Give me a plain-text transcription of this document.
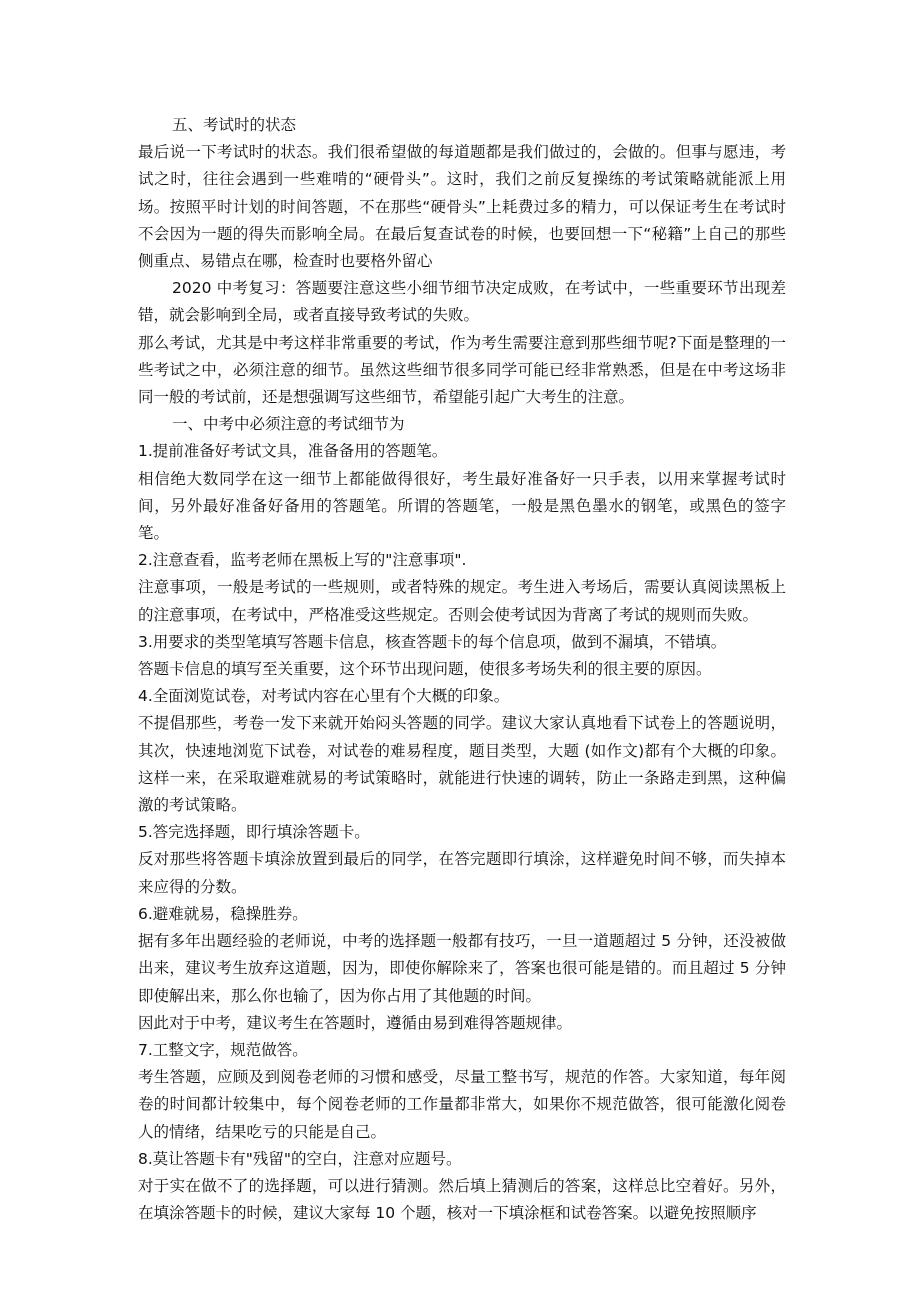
五、考试时的状态

最后说一下考试时的状态。我们很希望做的每道题都是我们做过的，会做的。但事与愿违，考试之时，往往会遇到一些难啃的“硬骨头”。这时，我们之前反复操练的考试策略就能派上用场。按照平时计划的时间答题，不在那些“硬骨头”上耗费过多的精力，可以保证考生在考试时不会因为一题的得失而影响全局。在最后复查试卷的时候，也要回想一下“秘籍”上自己的那些侧重点、易错点在哪，检查时也要格外留心

2020 中考复习：答题要注意这些小细节细节决定成败，在考试中，一些重要环节出现差错，就会影响到全局，或者直接导致考试的失败。

那么考试，尤其是中考这样非常重要的考试，作为考生需要注意到那些细节呢?下面是整理的一些考试之中，必须注意的细节。虽然这些细节很多同学可能已经非常熟悉，但是在中考这场非同一般的考试前，还是想强调写这些细节，希望能引起广大考生的注意。

一、中考中必须注意的考试细节为

1.提前准备好考试文具，准备备用的答题笔。

相信绝大数同学在这一细节上都能做得很好，考生最好准备好一只手表，以用来掌握考试时间，另外最好准备好备用的答题笔。所谓的答题笔，一般是黑色墨水的钢笔，或黑色的签字笔。

2.注意查看，监考老师在黑板上写的"注意事项".

注意事项，一般是考试的一些规则，或者特殊的规定。考生进入考场后，需要认真阅读黑板上的注意事项，在考试中，严格准受这些规定。否则会使考试因为背离了考试的规则而失败。

3.用要求的类型笔填写答题卡信息，核查答题卡的每个信息项，做到不漏填，不错填。

答题卡信息的填写至关重要，这个环节出现问题，使很多考场失利的很主要的原因。

4.全面浏览试卷，对考试内容在心里有个大概的印象。

不提倡那些，考卷一发下来就开始闷头答题的同学。建议大家认真地看下试卷上的答题说明，其次，快速地浏览下试卷，对试卷的难易程度，题目类型，大题 (如作文)都有个大概的印象。这样一来，在采取避难就易的考试策略时，就能进行快速的调转，防止一条路走到黑，这种偏激的考试策略。

5.答完选择题，即行填涂答题卡。

反对那些将答题卡填涂放置到最后的同学，在答完题即行填涂，这样避免时间不够，而失掉本来应得的分数。

6.避难就易，稳操胜券。

据有多年出题经验的老师说，中考的选择题一般都有技巧，一旦一道题超过 5 分钟，还没被做出来，建议考生放弃这道题，因为，即使你解除来了，答案也很可能是错的。而且超过 5 分钟即使解出来，那么你也输了，因为你占用了其他题的时间。

因此对于中考，建议考生在答题时，遵循由易到难得答题规律。

7.工整文字，规范做答。

考生答题，应顾及到阅卷老师的习惯和感受，尽量工整书写，规范的作答。大家知道，每年阅卷的时间都计较集中，每个阅卷老师的工作量都非常大，如果你不规范做答，很可能激化阅卷人的情绪，结果吃亏的只能是自己。

8.莫让答题卡有"残留"的空白，注意对应题号。

对于实在做不了的选择题，可以进行猜测。然后填上猜测后的答案，这样总比空着好。另外，在填涂答题卡的时候，建议大家每 10 个题，核对一下填涂框和试卷答案。以避免按照顺序
